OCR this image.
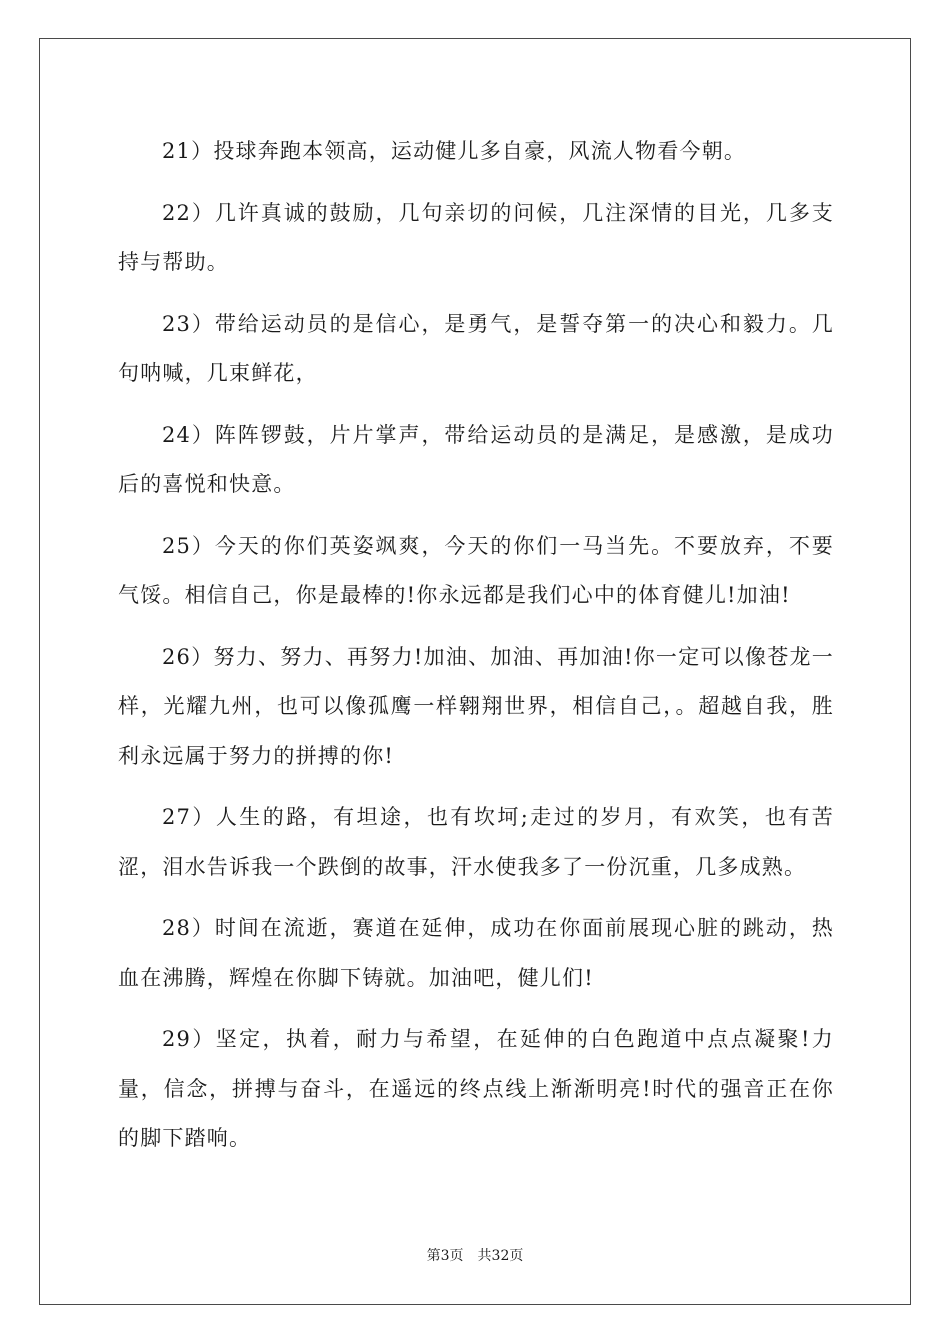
21）投球奔跑本领高，运动健儿多自豪，风流人物看今朝。

22）几许真诚的鼓励，几句亲切的问候，几注深情的目光，几多支持与帮助。

23）带给运动员的是信心，是勇气，是誓夺第一的决心和毅力。几句呐喊，几束鲜花，

24）阵阵锣鼓，片片掌声，带给运动员的是满足，是感激，是成功后的喜悦和快意。

25）今天的你们英姿飒爽，今天的你们一马当先。不要放弃，不要气馁。相信自己，你是最棒的!你永远都是我们心中的体育健儿!加油!

26）努力、努力、再努力!加油、加油、再加油!你一定可以像苍龙一样，光耀九州，也可以像孤鹰一样翱翔世界，相信自己，。超越自我，胜利永远属于努力的拼搏的你!

27）人生的路，有坦途，也有坎坷;走过的岁月，有欢笑，也有苦涩，泪水告诉我一个跌倒的故事，汗水使我多了一份沉重，几多成熟。

28）时间在流逝，赛道在延伸，成功在你面前展现心脏的跳动，热血在沸腾，辉煌在你脚下铸就。加油吧，健儿们!

29）坚定，执着，耐力与希望，在延伸的白色跑道中点点凝聚!力量，信念，拼搏与奋斗，在遥远的终点线上渐渐明亮!时代的强音正在你的脚下踏响。

第3页 共32页
